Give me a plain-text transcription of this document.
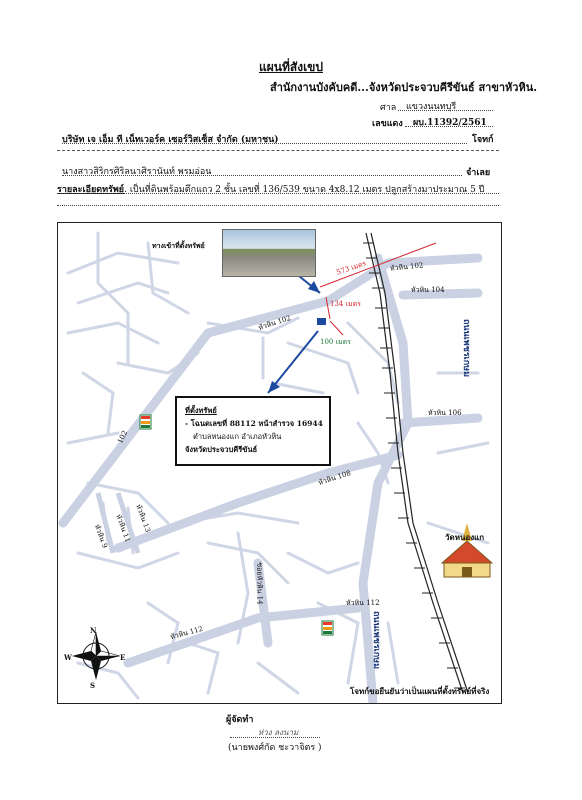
แผนที่สังเขป
สำนักงานบังคับคดี...จังหวัดประจวบคีรีขันธ์ สาขาหัวหิน.
ศาล แขวงนนทบุรี
เลขแดง ผบ.11392/2561
บริษัท เจ เอ็ม ที เน็ทเวอร์ค เซอร์วิสเซ็ส จำกัด (มหาชน)	โจทก์
นางสาวสิริกรศิริลนาศิรานันท์ พรมอ่อน	จำเลย
รายละเอียดทรัพย์. เป็นที่ดินพร้อมตึกแถว 2 ชั้น เลขที่ 136/539 ขนาด 4x8.12 เมตร ปลูกสร้างมาประมาณ 5 ปี
ทางเข้าที่ตั้งทรัพย์
หัวหิน 102
หัวหิน 104
หัวหิน 102
หัวหิน 106
หัวหิน 108
หัวหิน 112
หัวหิน 112
ซอยหัวหิน 14
102
หัวหิน 13
หัวหิน 11
หัวหิน 9
ถนนเพชรเกษม
ถนนเพชรเกษม
573 เมตร
134 เมตร
100 เมตร
วัดหนองแก
N
S
W	E
โจทก์ขอยืนยันว่าเป็นแผนที่ตั้งทรัพย์ที่จริง
ที่ตั้งทรัพย์
- โฉนดเลขที่ 88112 หน้าสำรวจ 16944
ตำบลหนองแก อำเภอหัวหิน
จังหวัดประจวบคีรีขันธ์
ผู้จัดทำ
ห่วง ลงนาม
(นายพงศ์กัด ชะวาจิตร )
